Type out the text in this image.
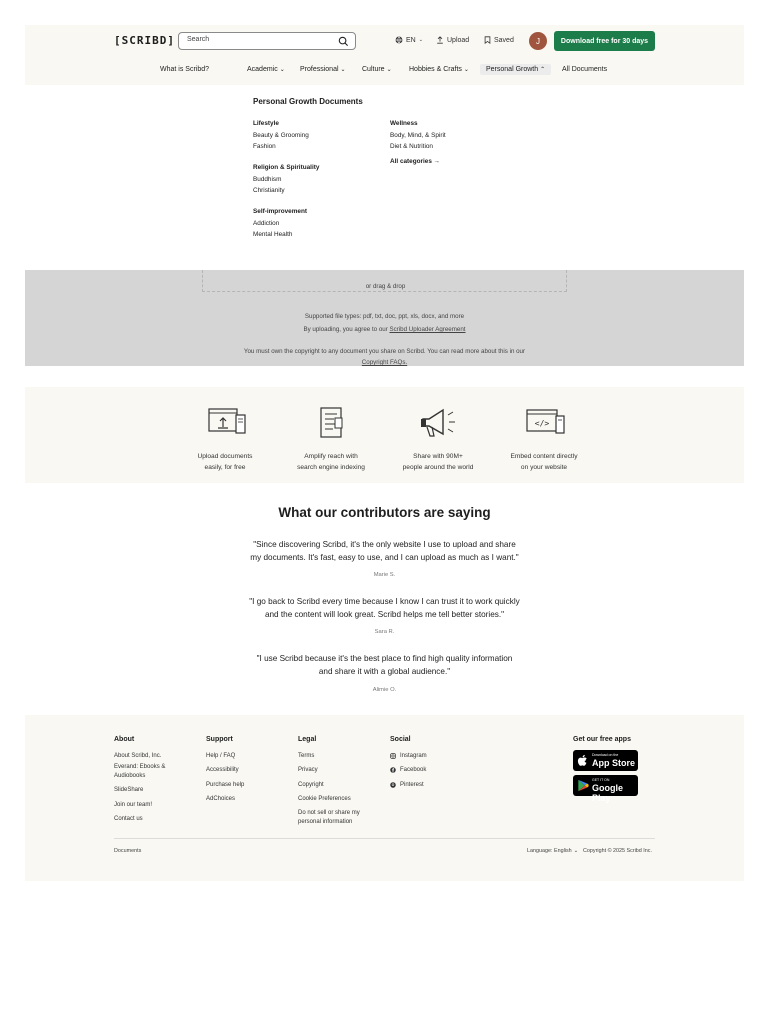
[SCRIBD] Search	EN ⌄	Upload	Saved	J	Download free for 30 days
What is Scribd?	Academic ⌄ Professional ⌄ Culture ⌄ Hobbies & Crafts ⌄ Personal Growth ⌃ All Documents
Personal Growth Documents
Lifestyle
Beauty & Grooming
Fashion
Religion & Spirituality
Buddhism
Christianity
Self-improvement
Addiction
Mental Health
Wellness
Body, Mind, & Spirit
Diet & Nutrition
All categories →
or drag & drop
Supported file types: pdf, txt, doc, ppt, xls, docx, and more
By uploading, you agree to our Scribd Uploader Agreement
You must own the copyright to any document you share on Scribd. You can read more about this in our
Copyright FAQs.
Upload documents
easily, for free
Amplify reach with
search engine indexing
Share with 90M+
people around the world
</>
Embed content directly
on your website
What our contributors are saying
"Since discovering Scribd, it's the only website I use to upload and share
my documents. It's fast, easy to use, and I can upload as much as I want."
Marie S.
"I go back to Scribd every time because I know I can trust it to work quickly
and the content will look great. Scribd helps me tell better stories."
Sara R.
"I use Scribd because it's the best place to find high quality information
and share it with a global audience."
Alimie O.
About
About Scribd, Inc.
Everand: Ebooks &
Audiobooks
SlideShare
Join our team!
Contact us
Support
Help / FAQ
Accessibility
Purchase help
AdChoices
Legal
Terms
Privacy
Copyright
Cookie Preferences
Do not sell or share my
personal information
Social
Instagram
Facebook
Pinterest
Get our free apps
Download on the
App Store
GET IT ON
Google Play
Documents	Language: English ⌄ Copyright © 2025 Scribd Inc.
